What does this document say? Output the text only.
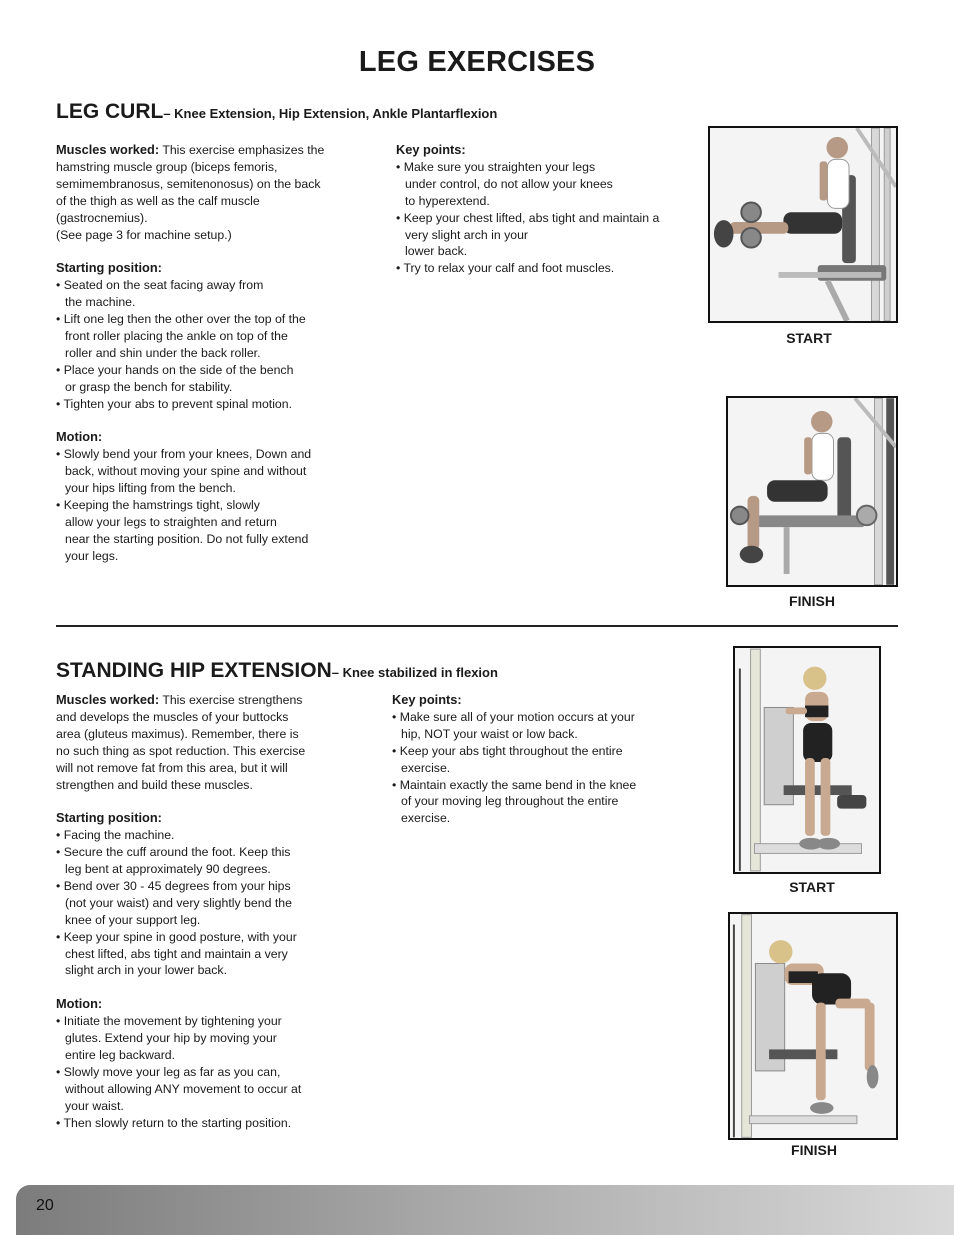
LEG EXERCISES
LEG CURL– Knee Extension, Hip Extension, Ankle Plantarflexion

Muscles worked: This exercise emphasizes the

hamstring muscle group (biceps femoris,

semimembranosus, semitenonosus) on the back

of the thigh as well as the calf muscle

(gastrocnemius).

(See page 3 for machine setup.)

Starting position:

• Seated on the seat facing away from

the machine.

• Lift one leg then the other over the top of the

front roller placing the ankle on top of the

roller and shin under the back roller.

• Place your hands on the side of the bench

or grasp the bench for stability.

• Tighten your abs to prevent spinal motion.

Motion:

• Slowly bend your from your knees, Down and

back, without moving your spine and without

your hips lifting from the bench.

• Keeping the hamstrings tight, slowly

allow your legs to straighten and return

near the starting position. Do not fully extend

your legs.

Key points:

• Make sure you straighten your legs

under control, do not allow your knees

to hyperextend.

• Keep your chest lifted, abs tight and maintain a

very slight arch in your

lower back.

• Try to relax your calf and foot muscles.

START
FINISH
STANDING HIP EXTENSION– Knee stabilized in flexion

Muscles worked: This exercise strengthens

and develops the muscles of your buttocks

area (gluteus maximus). Remember, there is

no such thing as spot reduction. This exercise

will not remove fat from this area, but it will

strengthen and build these muscles.

Starting position:

• Facing the machine.

• Secure the cuff around the foot. Keep this

leg bent at approximately 90 degrees.

• Bend over 30 - 45 degrees from your hips

(not your waist) and very slightly bend the

knee of your support leg.

• Keep your spine in good posture, with your

chest lifted, abs tight and maintain a very

slight arch in your lower back.

Motion:

• Initiate the movement by tightening your

glutes. Extend your hip by moving your

entire leg backward.

• Slowly move your leg as far as you can,

without allowing ANY movement to occur at

your waist.

• Then slowly return to the starting position.

Key points:

• Make sure all of your motion occurs at your

hip, NOT your waist or low back.

• Keep your abs tight throughout the entire

exercise.

• Maintain exactly the same bend in the knee

of your moving leg throughout the entire

exercise.

START
FINISH
20
